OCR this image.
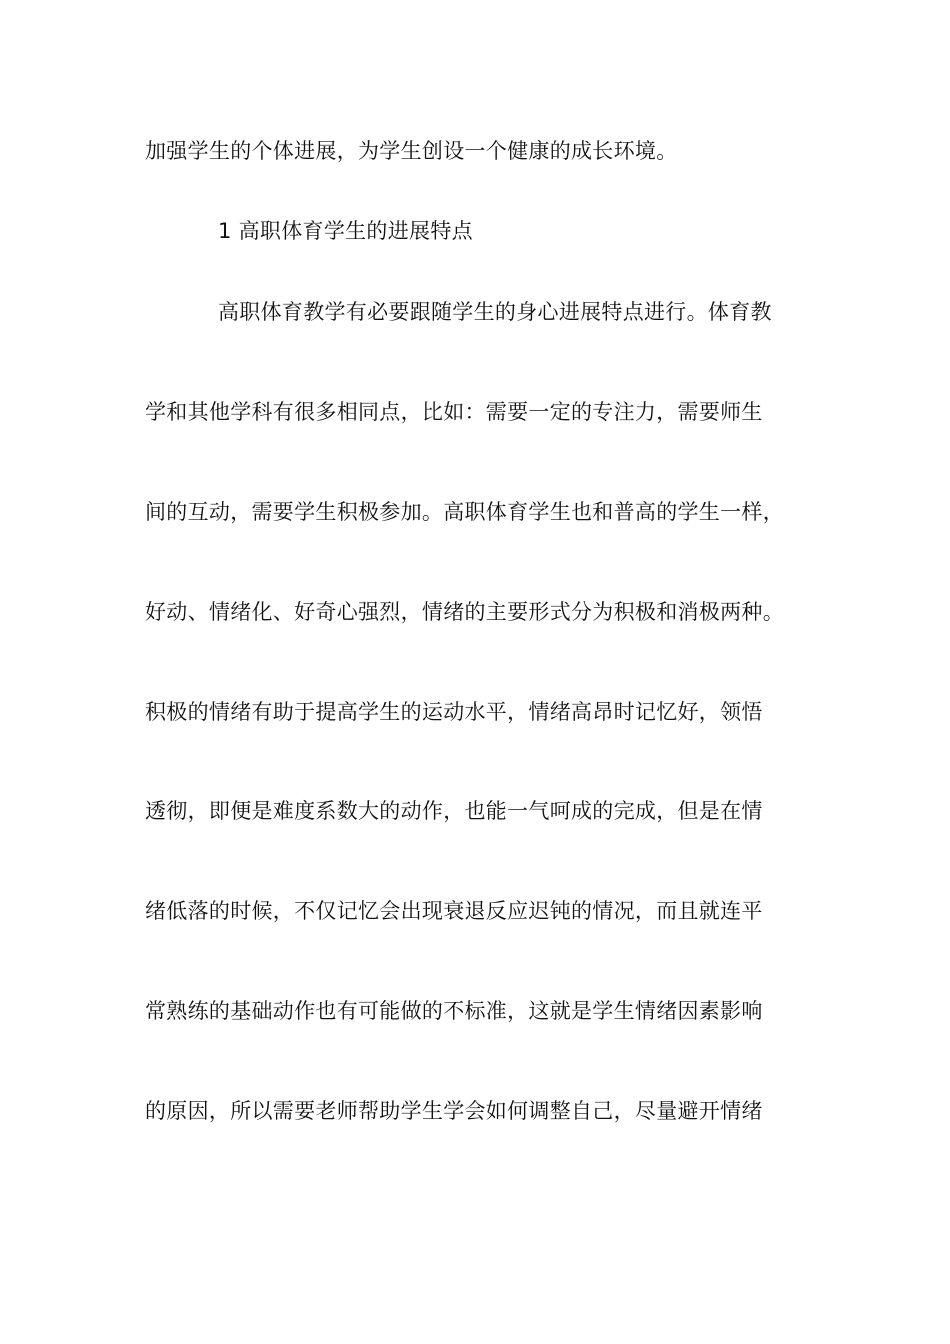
加强学生的个体进展，为学生创设一个健康的成长环境。
1 高职体育学生的进展特点
高职体育教学有必要跟随学生的身心进展特点进行。体育教
学和其他学科有很多相同点，比如：需要一定的专注力，需要师生
间的互动，需要学生积极参加。高职体育学生也和普高的学生一样，
好动、情绪化、好奇心强烈，情绪的主要形式分为积极和消极两种。
积极的情绪有助于提高学生的运动水平，情绪高昂时记忆好，领悟
透彻，即便是难度系数大的动作，也能一气呵成的完成，但是在情
绪低落的时候，不仅记忆会出现衰退反应迟钝的情况，而且就连平
常熟练的基础动作也有可能做的不标准，这就是学生情绪因素影响
的原因，所以需要老师帮助学生学会如何调整自己，尽量避开情绪
